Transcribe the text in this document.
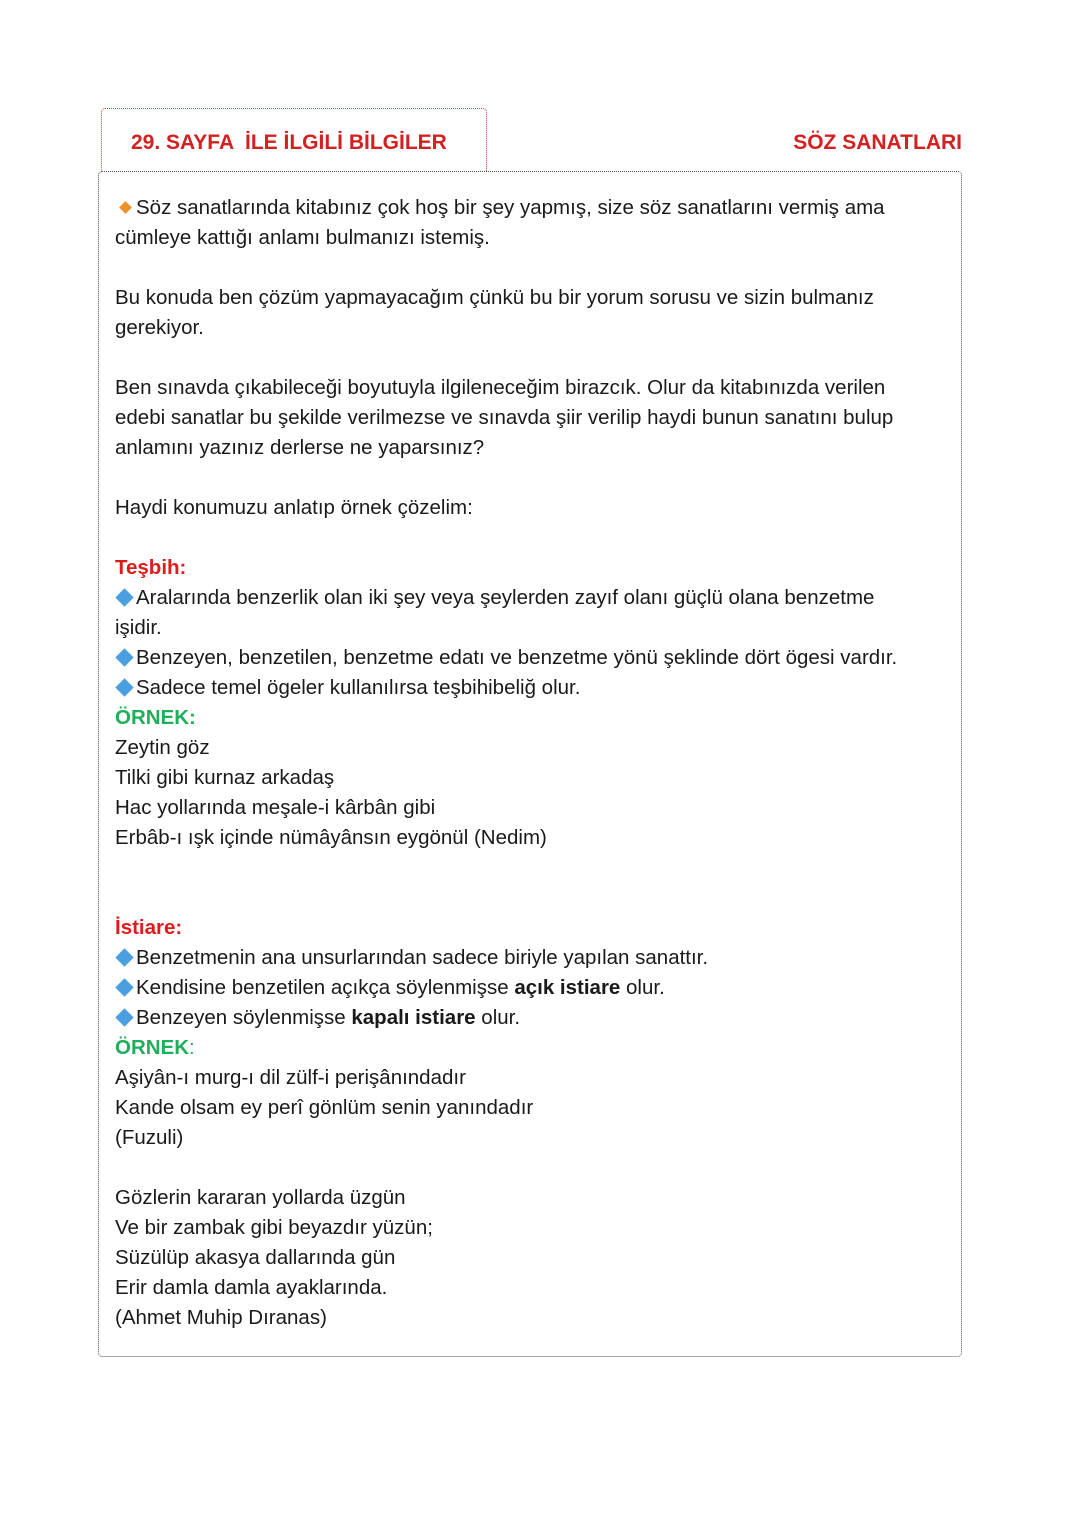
29. SAYFA  İLE İLGİLİ BİLGİLER	SÖZ SANATLARI
Söz sanatlarında kitabınız çok hoş bir şey yapmış, size söz sanatlarını vermiş ama
cümleye kattığı anlamı bulmanızı istemiş.
Bu konuda ben çözüm yapmayacağım çünkü bu bir yorum sorusu ve sizin bulmanız
gerekiyor.
Ben sınavda çıkabileceği boyutuyla ilgileneceğim birazcık. Olur da kitabınızda verilen
edebi sanatlar bu şekilde verilmezse ve sınavda şiir verilip haydi bunun sanatını bulup
anlamını yazınız derlerse ne yaparsınız?
Haydi konumuzu anlatıp örnek çözelim:
Teşbih:
Aralarında benzerlik olan iki şey veya şeylerden zayıf olanı güçlü olana benzetme
işidir.
Benzeyen, benzetilen, benzetme edatı ve benzetme yönü şeklinde dört ögesi vardır.
Sadece temel ögeler kullanılırsa teşbihibeliğ olur.
ÖRNEK:
Zeytin göz
Tilki gibi kurnaz arkadaş
Hac yollarında meşale-i kârbân gibi
Erbâb-ı ışk içinde nümâyânsın eygönül (Nedim)
İstiare:
Benzetmenin ana unsurlarından sadece biriyle yapılan sanattır.
Kendisine benzetilen açıkça söylenmişse açık istiare olur.
Benzeyen söylenmişse kapalı istiare olur.
ÖRNEK:
Aşiyân-ı murg-ı dil zülf-i perişânındadır
Kande olsam ey perî gönlüm senin yanındadır
(Fuzuli)
Gözlerin kararan yollarda üzgün
Ve bir zambak gibi beyazdır yüzün;
Süzülüp akasya dallarında gün
Erir damla damla ayaklarında.
(Ahmet Muhip Dıranas)
